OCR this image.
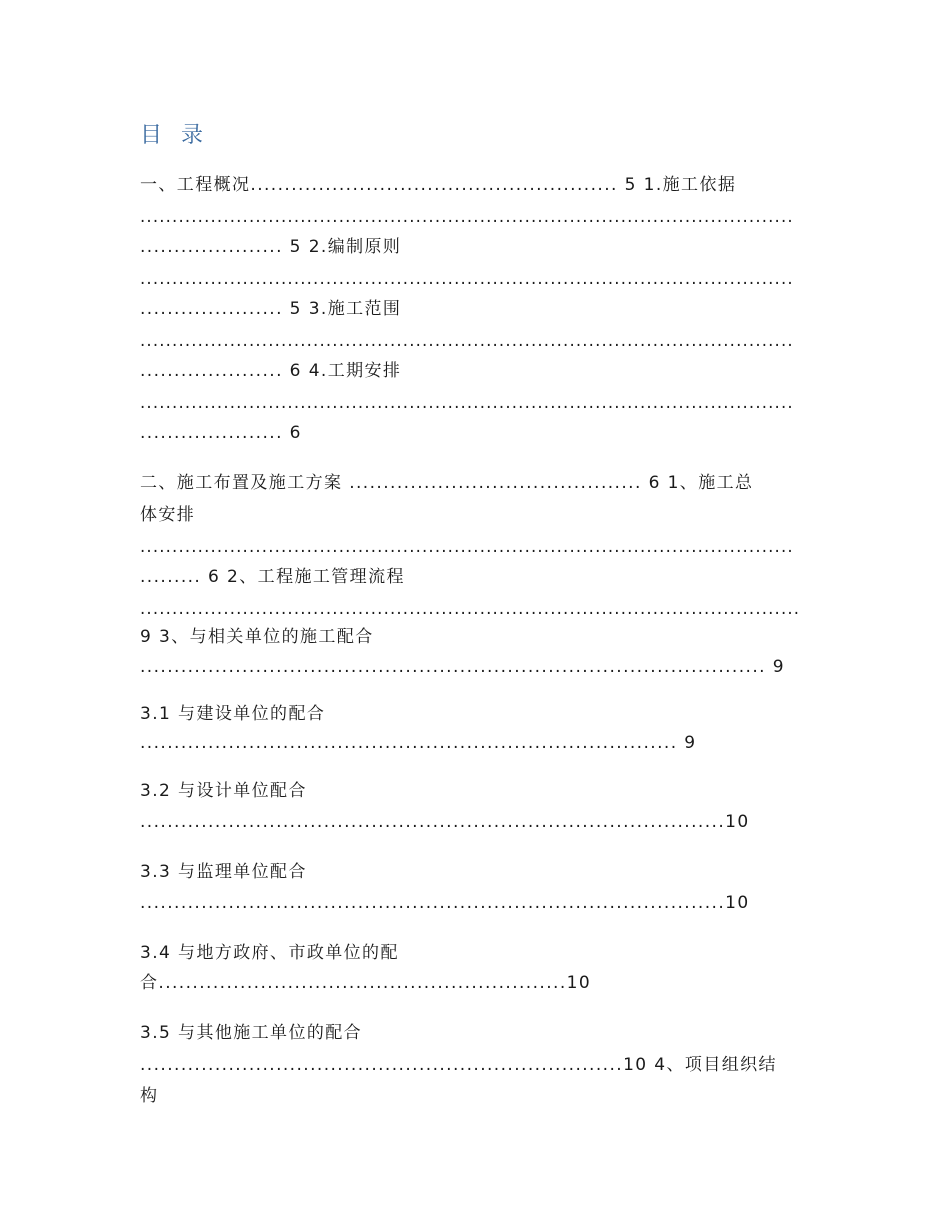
目 录
一、工程概况...................................................... 5 1.施工依据
......................................................................................................
..................... 5 2.编制原则
......................................................................................................
..................... 5 3.施工范围
......................................................................................................
..................... 6 4.工期安排
......................................................................................................
..................... 6
二、施工布置及施工方案 ........................................... 6 1、施工总
体安排
......................................................................................................
......... 6 2、工程施工管理流程
.......................................................................................................
9 3、与相关单位的施工配合
............................................................................................ 9
3.1 与建设单位的配合
............................................................................... 9
3.2 与设计单位配合
......................................................................................10
3.3 与监理单位配合
......................................................................................10
3.4 与地方政府、市政单位的配
合............................................................10
3.5 与其他施工单位的配合
.......................................................................10 4、项目组织结
构
